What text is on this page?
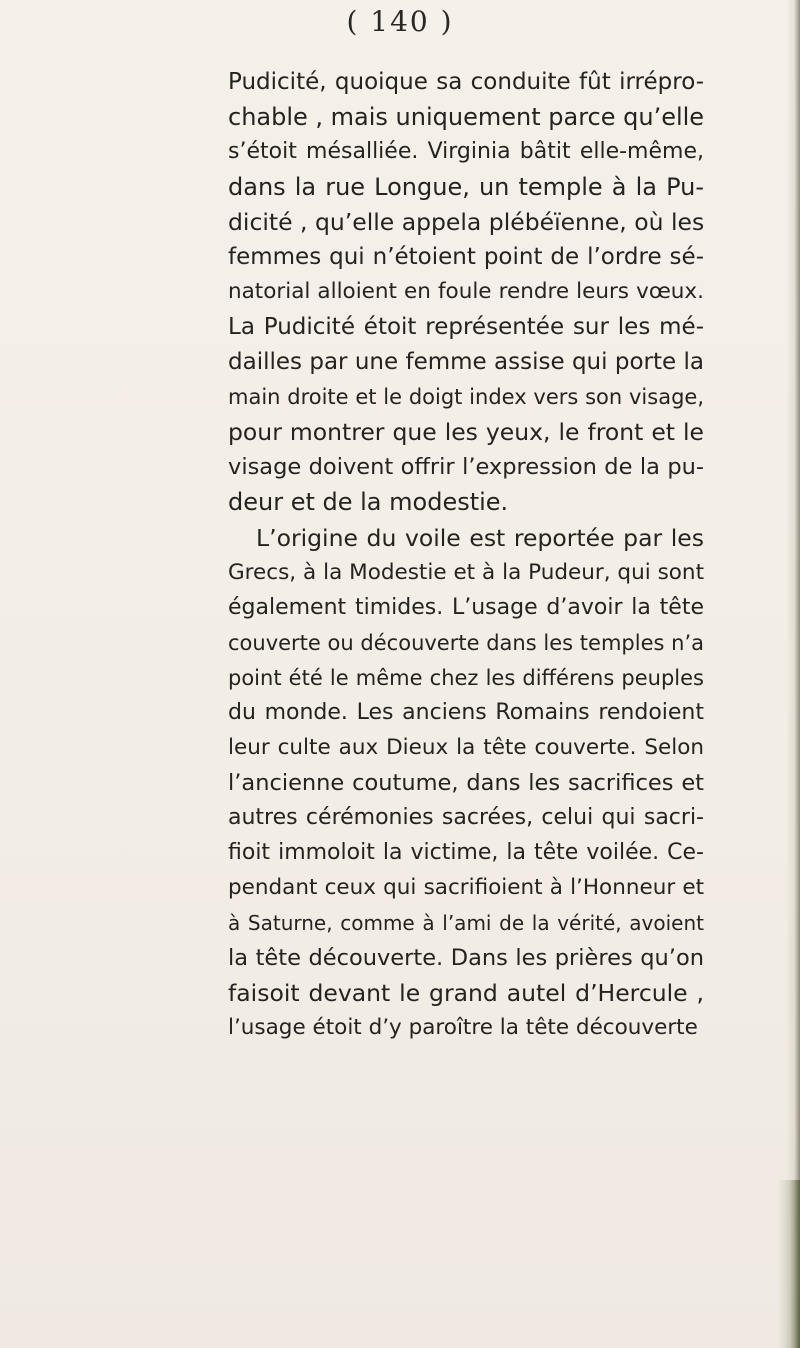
( 140 )
Pudicité, quoique sa conduite fût irrépro-
chable , mais uniquement parce qu’elle
s’étoit mésalliée. Virginia bâtit elle-même,
dans la rue Longue, un temple à la Pu-
dicité , qu’elle appela plébéïenne, où les
femmes qui n’étoient point de l’ordre sé-
natorial alloient en foule rendre leurs vœux.
La Pudicité étoit représentée sur les mé-
dailles par une femme assise qui porte la
main droite et le doigt index vers son visage,
pour montrer que les yeux, le front et le
visage doivent offrir l’expression de la pu-
deur et de la modestie.
L’origine du voile est reportée par les
Grecs, à la Modestie et à la Pudeur, qui sont
également timides. L’usage d’avoir la tête
couverte ou découverte dans les temples n’a
point été le même chez les différens peuples
du monde. Les anciens Romains rendoient
leur culte aux Dieux la tête couverte. Selon
l’ancienne coutume, dans les sacrifices et
autres cérémonies sacrées, celui qui sacri-
fioit immoloit la victime, la tête voilée. Ce-
pendant ceux qui sacrifioient à l’Honneur et
à Saturne, comme à l’ami de la vérité, avoient
la tête découverte. Dans les prières qu’on
faisoit devant le grand autel d’Hercule ,
l’usage étoit d’y paroître la tête découverte
